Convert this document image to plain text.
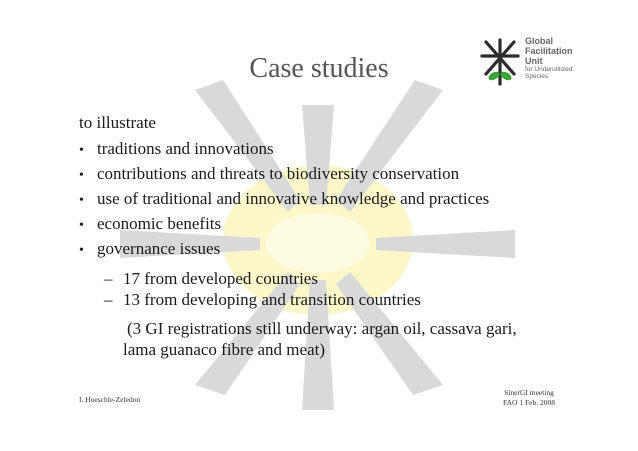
Case studies
Global
Facilitation
Unit
for Underutilized
Species
to illustrate
• traditions and innovations
• contributions and threats to biodiversity conservation
• use of traditional and innovative knowledge and practices
• economic benefits
• governance issues
– 17 from developed countries
– 13 from developing and transition countries
(3 GI registrations still underway: argan oil, cassava gari,
lama guanaco fibre and meat)
I. Hoeschle-Zeledon
SinerGI meeting
FAO 1 Feb. 2008
